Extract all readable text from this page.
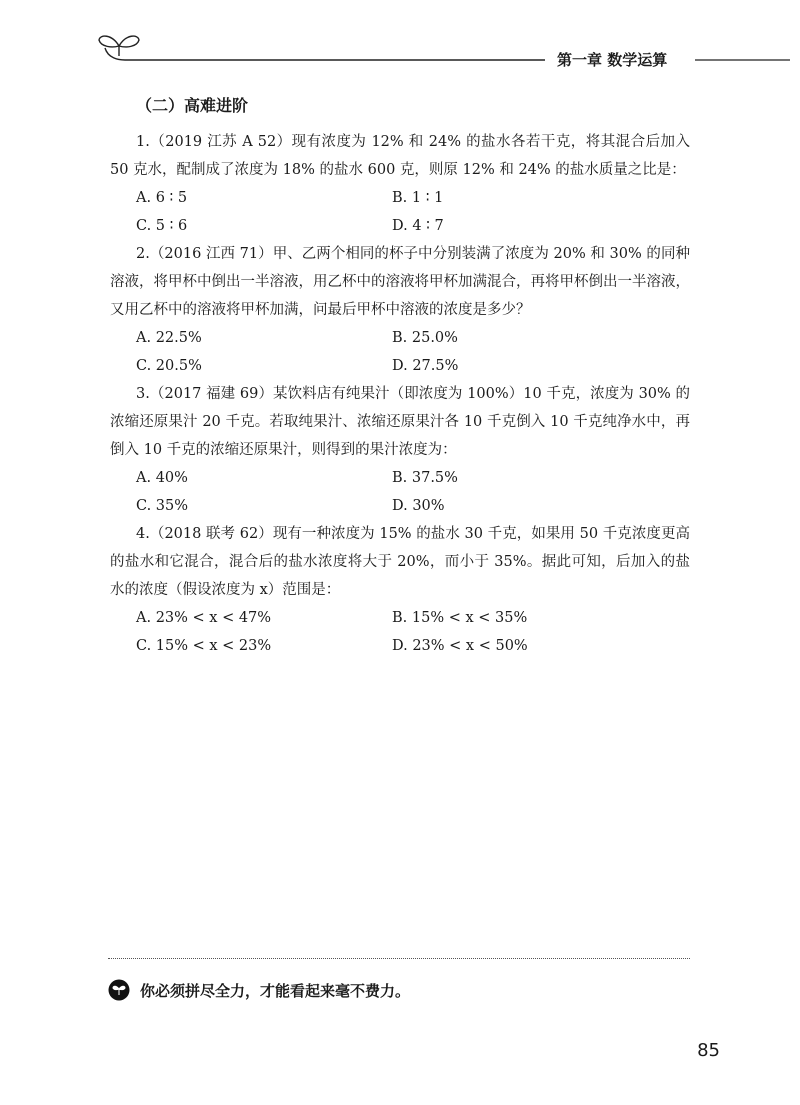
第一章 数学运算
（二）高难进阶

1.（2019 江苏 A 52）现有浓度为 12% 和 24% 的盐水各若干克，将其混合后加入 50 克水，配制成了浓度为 18% 的盐水 600 克，则原 12% 和 24% 的盐水质量之比是：

A. 6 ∶ 5	B. 1 ∶ 1
C. 5 ∶ 6	D. 4 ∶ 7

2.（2016 江西 71）甲、乙两个相同的杯子中分别装满了浓度为 20% 和 30% 的同种溶液，将甲杯中倒出一半溶液，用乙杯中的溶液将甲杯加满混合，再将甲杯倒出一半溶液，又用乙杯中的溶液将甲杯加满，问最后甲杯中溶液的浓度是多少？

A. 22.5%	B. 25.0%
C. 20.5%	D. 27.5%

3.（2017 福建 69）某饮料店有纯果汁（即浓度为 100%）10 千克，浓度为 30% 的浓缩还原果汁 20 千克。若取纯果汁、浓缩还原果汁各 10 千克倒入 10 千克纯净水中，再倒入 10 千克的浓缩还原果汁，则得到的果汁浓度为：

A. 40%	B. 37.5%
C. 35%	D. 30%

4.（2018 联考 62）现有一种浓度为 15% 的盐水 30 千克，如果用 50 千克浓度更高的盐水和它混合，混合后的盐水浓度将大于 20%，而小于 35%。据此可知，后加入的盐水的浓度（假设浓度为 x）范围是：

A. 23% < x < 47%	B. 15% < x < 35%
C. 15% < x < 23%	D. 23% < x < 50%
你必须拼尽全力，才能看起来毫不费力。
85
